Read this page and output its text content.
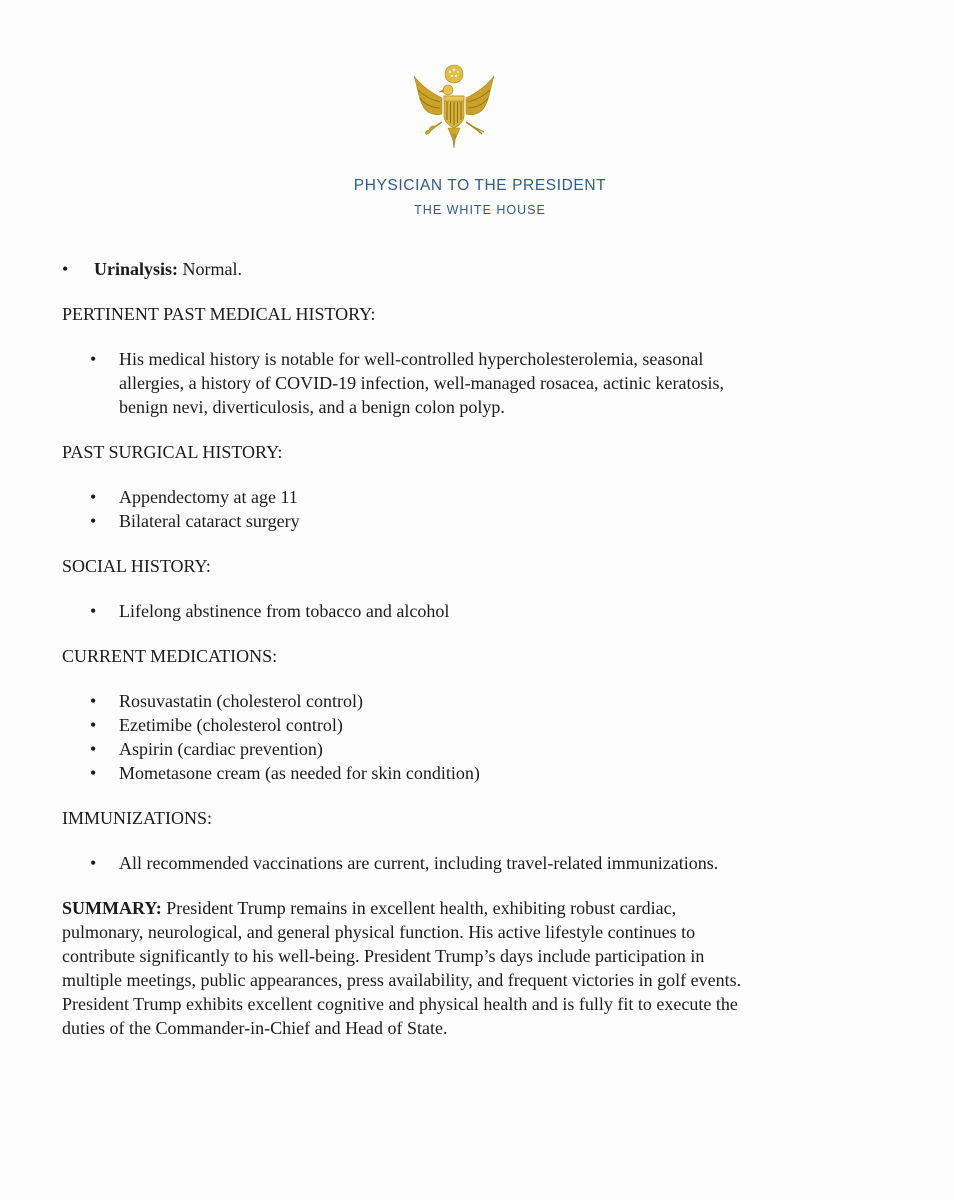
PHYSICIAN TO THE PRESIDENT
THE WHITE HOUSE
• Urinalysis: Normal.

PERTINENT PAST MEDICAL HISTORY:

• His medical history is notable for well-controlled hypercholesterolemia, seasonal
allergies, a history of COVID-19 infection, well-managed rosacea, actinic keratosis,
benign nevi, diverticulosis, and a benign colon polyp.

PAST SURGICAL HISTORY:

• Appendectomy at age 11
• Bilateral cataract surgery

SOCIAL HISTORY:

• Lifelong abstinence from tobacco and alcohol

CURRENT MEDICATIONS:

• Rosuvastatin (cholesterol control)
• Ezetimibe (cholesterol control)
• Aspirin (cardiac prevention)
• Mometasone cream (as needed for skin condition)

IMMUNIZATIONS:

• All recommended vaccinations are current, including travel-related immunizations.
SUMMARY: President Trump remains in excellent health, exhibiting robust cardiac,
pulmonary, neurological, and general physical function. His active lifestyle continues to
contribute significantly to his well-being. President Trump’s days include participation in
multiple meetings, public appearances, press availability, and frequent victories in golf events.
President Trump exhibits excellent cognitive and physical health and is fully fit to execute the
duties of the Commander-in-Chief and Head of State.
